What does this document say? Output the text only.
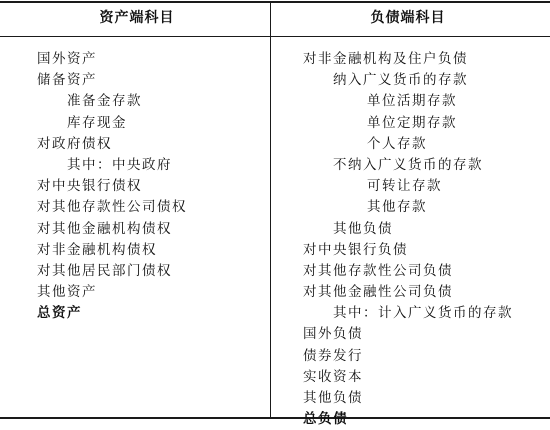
资产端科目	负债端科目
国外资产
储备资产
准备金存款
库存现金
对政府债权
其中：中央政府
对中央银行债权
对其他存款性公司债权
对其他金融机构债权
对非金融机构债权
对其他居民部门债权
其他资产
总资产
对非金融机构及住户负债
纳入广义货币的存款
单位活期存款
单位定期存款
个人存款
不纳入广义货币的存款
可转让存款
其他存款
其他负债
对中央银行负债
对其他存款性公司负债
对其他金融性公司负债
其中：计入广义货币的存款
国外负债
债券发行
实收资本
其他负债
总负债
